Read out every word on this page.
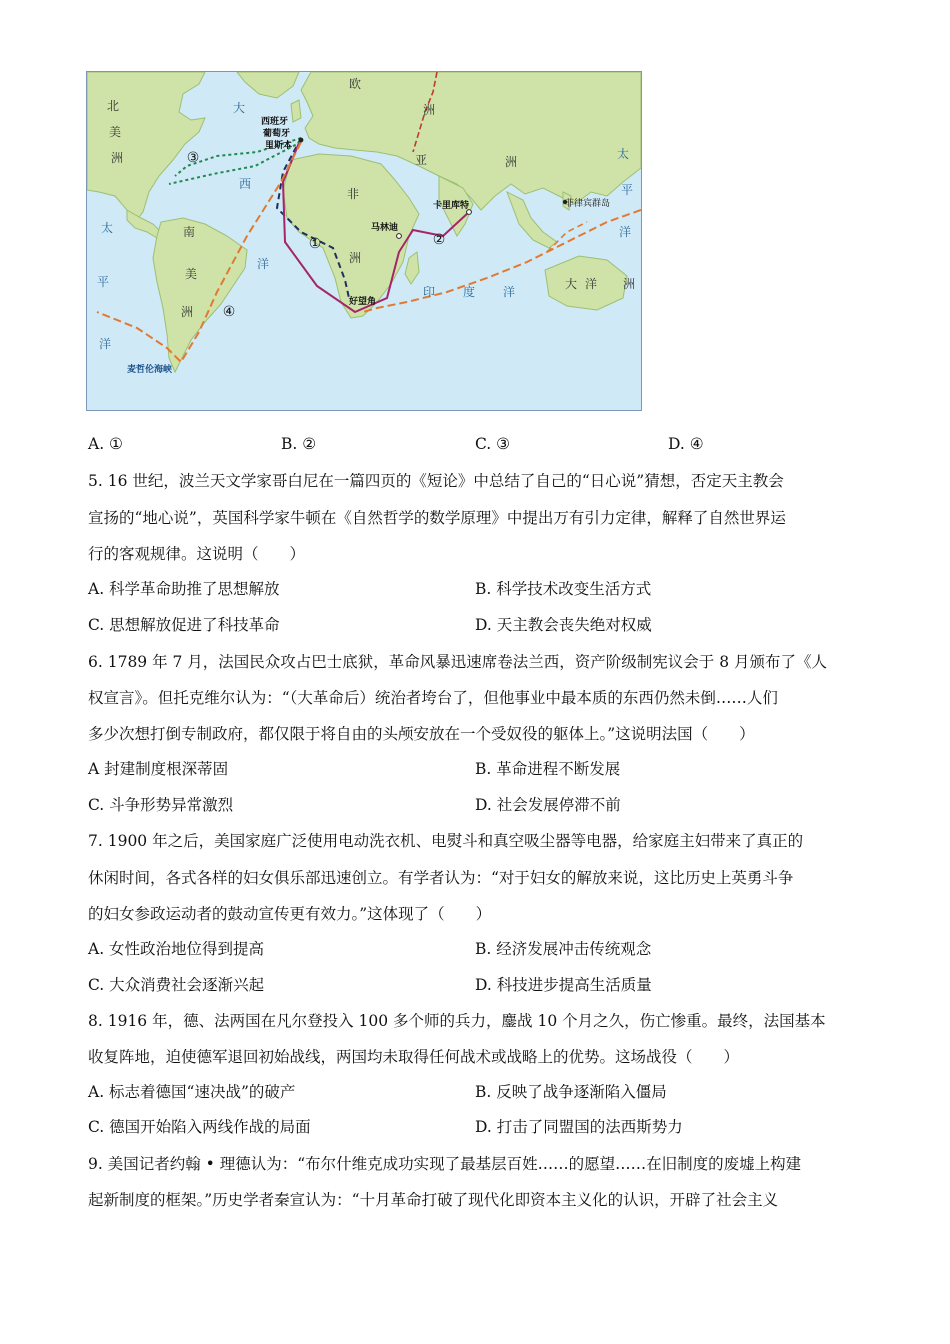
①	②
③
④
北
美
洲
大
西
洋
欧
洲
亚	洲
非
洲
南
美
洲
太
平
洋
太
平
洋
印 度 洋
大 洋 洲
西班牙
葡萄牙
里斯本
卡里库特
马林迪
菲律宾群岛
好望角
麦哲伦海峡
A. ①	B. ②	C. ③	D. ④
5. 16 世纪，波兰天文学家哥白尼在一篇四页的《短论》中总结了自己的“日心说”猜想，否定天主教会
宣扬的“地心说”，英国科学家牛顿在《自然哲学的数学原理》中提出万有引力定律，解释了自然世界运
行的客观规律。这说明（　　）
A. 科学革命助推了思想解放	B. 科学技术改变生活方式
C. 思想解放促进了科技革命	D. 天主教会丧失绝对权威
6. 1789 年 7 月，法国民众攻占巴士底狱，革命风暴迅速席卷法兰西，资产阶级制宪议会于 8 月颁布了《人
权宣言》。但托克维尔认为：“（大革命后）统治者垮台了，但他事业中最本质的东西仍然未倒……人们
多少次想打倒专制政府，都仅限于将自由的头颅安放在一个受奴役的躯体上。”这说明法国（　　）
A 封建制度根深蒂固	B. 革命进程不断发展
C. 斗争形势异常激烈	D. 社会发展停滞不前
7. 1900 年之后，美国家庭广泛使用电动洗衣机、电熨斗和真空吸尘器等电器，给家庭主妇带来了真正的
休闲时间，各式各样的妇女俱乐部迅速创立。有学者认为：“对于妇女的解放来说，这比历史上英勇斗争
的妇女参政运动者的鼓动宣传更有效力。”这体现了（　　）
A. 女性政治地位得到提高	B. 经济发展冲击传统观念
C. 大众消费社会逐渐兴起	D. 科技进步提高生活质量
8. 1916 年，德、法两国在凡尔登投入 100 多个师的兵力，鏖战 10 个月之久，伤亡惨重。最终，法国基本
收复阵地，迫使德军退回初始战线，两国均未取得任何战术或战略上的优势。这场战役（　　）
A. 标志着德国“速决战”的破产	B. 反映了战争逐渐陷入僵局
C. 德国开始陷入两线作战的局面	D. 打击了同盟国的法西斯势力
9. 美国记者约翰 • 理德认为：“布尔什维克成功实现了最基层百姓……的愿望……在旧制度的废墟上构建
起新制度的框架。”历史学者秦宣认为：“十月革命打破了现代化即资本主义化的认识，开辟了社会主义
